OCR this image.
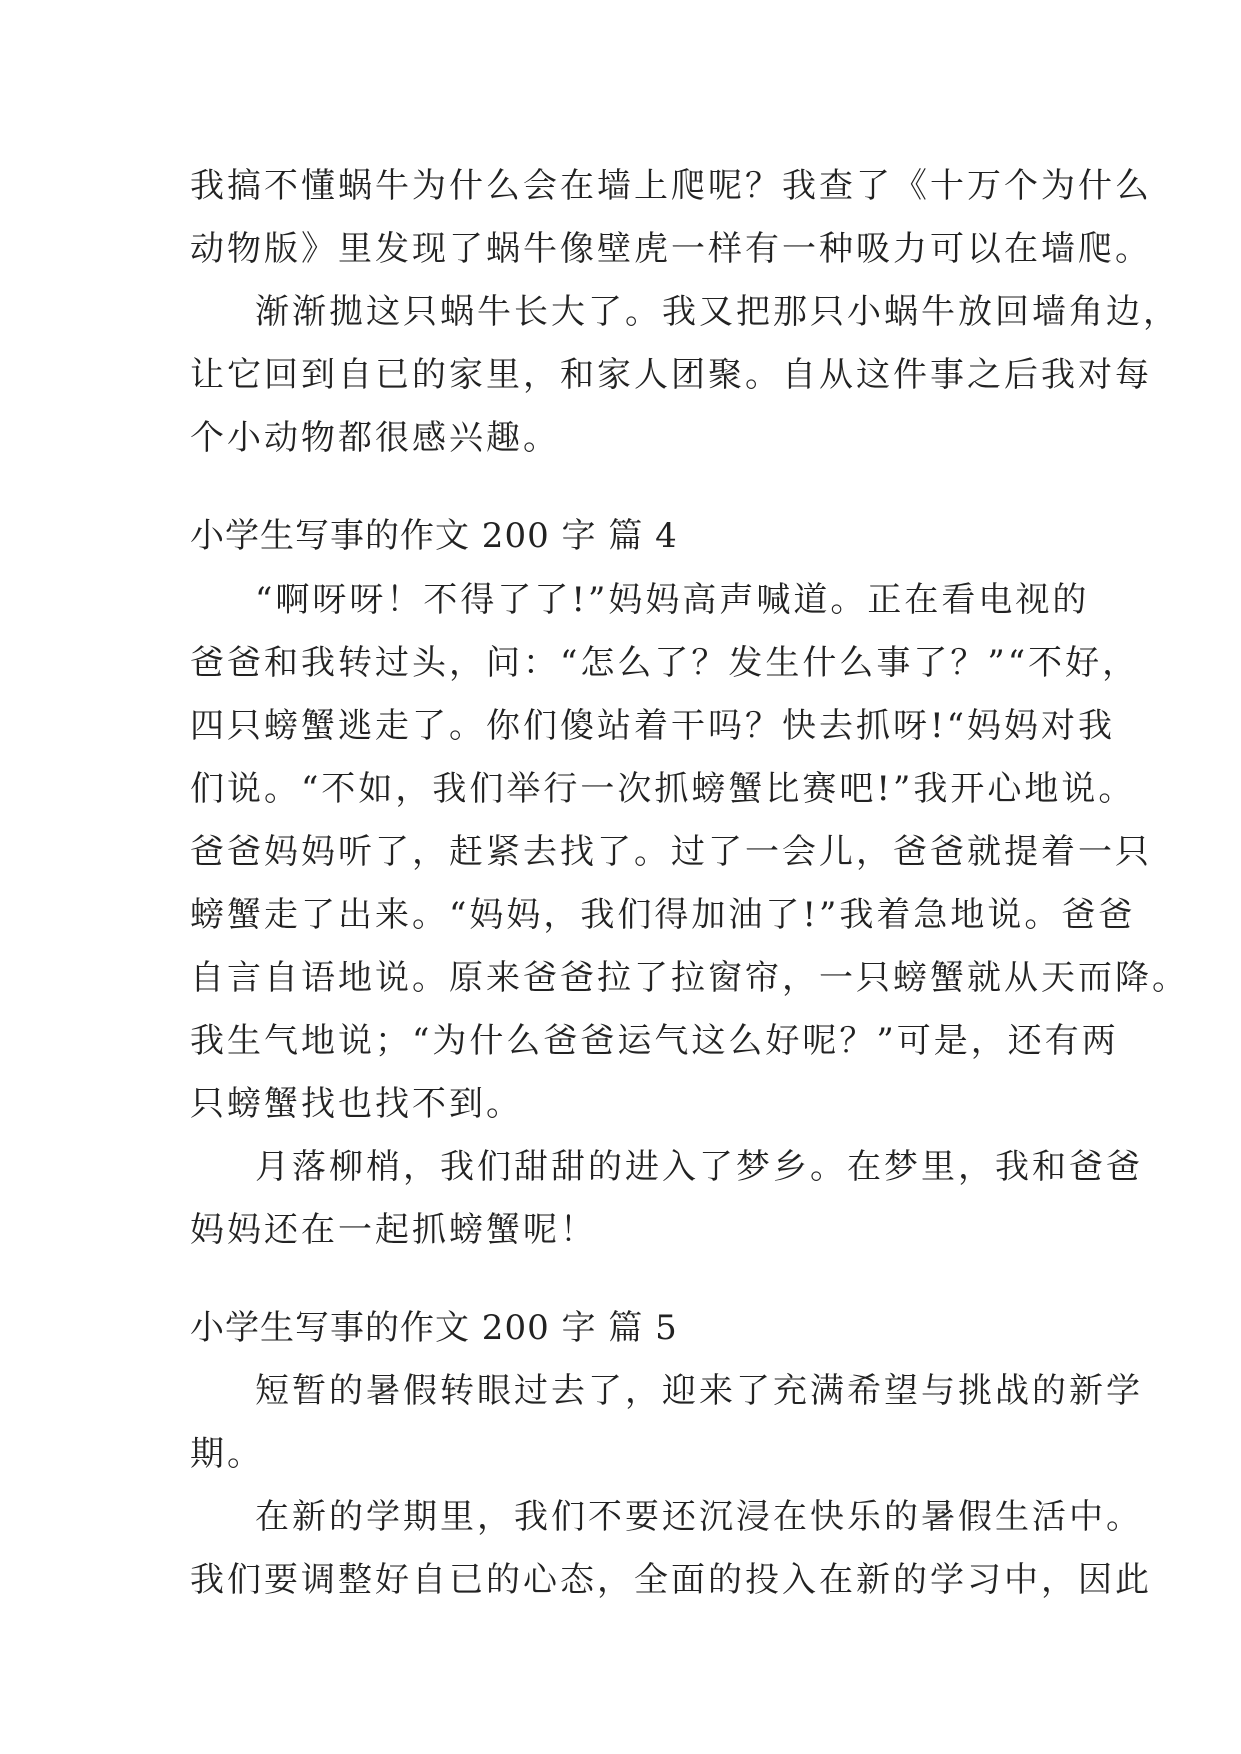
我搞不懂蜗牛为什么会在墙上爬呢？我查了《十万个为什么

动物版》里发现了蜗牛像壁虎一样有一种吸力可以在墙爬。

渐渐拋这只蜗牛长大了。我又把那只小蜗牛放回墙角边，

让它回到自已的家里，和家人团聚。自从这件事之后我对每

个小动物都很感兴趣。

小学生写事的作文 200 字 篇 4

“啊呀呀！不得了了!”妈妈高声喊道。正在看电视的

爸爸和我转过头，问：“怎么了？发生什么事了？”“不好，

四只螃蟹逃走了。你们傻站着干吗？快去抓呀!“妈妈对我

们说。“不如，我们举行一次抓螃蟹比赛吧!”我开心地说。

爸爸妈妈听了，赶紧去找了。过了一会儿，爸爸就提着一只

螃蟹走了出来。“妈妈，我们得加油了!”我着急地说。爸爸

自言自语地说。原来爸爸拉了拉窗帘，一只螃蟹就从天而降。

我生气地说；“为什么爸爸运气这么好呢？”可是，还有两

只螃蟹找也找不到。

月落柳梢，我们甜甜的进入了梦乡。在梦里，我和爸爸

妈妈还在一起抓螃蟹呢！

小学生写事的作文 200 字 篇 5

短暂的暑假转眼过去了，迎来了充满希望与挑战的新学

期。

在新的学期里，我们不要还沉浸在快乐的暑假生活中。

我们要调整好自已的心态，全面的投入在新的学习中，因此
